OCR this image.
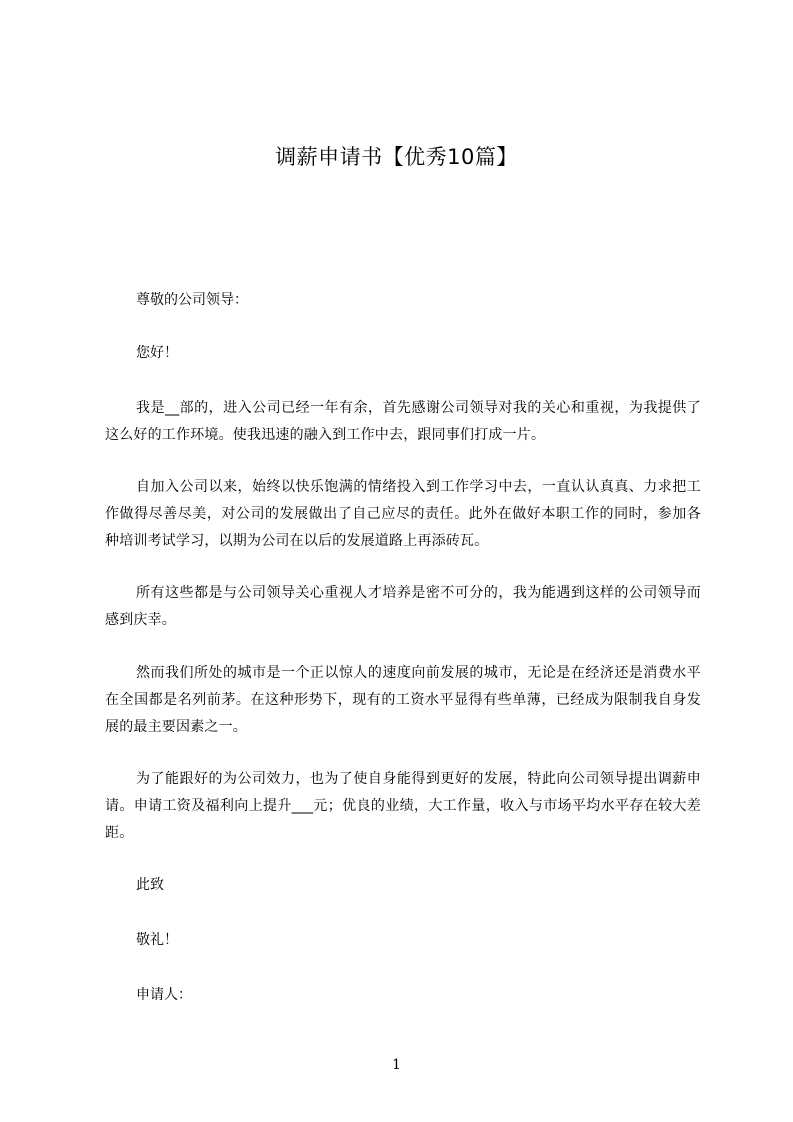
调薪申请书【优秀10篇】

尊敬的公司领导：

您好！

我是__部的，进入公司已经一年有余，首先感谢公司领导对我的关心和重视，为我提供了这么好的工作环境。使我迅速的融入到工作中去，跟同事们打成一片。

自加入公司以来，始终以快乐饱满的情绪投入到工作学习中去，一直认认真真、力求把工作做得尽善尽美，对公司的发展做出了自己应尽的责任。此外在做好本职工作的同时，参加各种培训考试学习，以期为公司在以后的发展道路上再添砖瓦。

所有这些都是与公司领导关心重视人才培养是密不可分的，我为能遇到这样的公司领导而感到庆幸。

然而我们所处的城市是一个正以惊人的速度向前发展的城市，无论是在经济还是消费水平在全国都是名列前茅。在这种形势下，现有的工资水平显得有些单薄，已经成为限制我自身发展的最主要因素之一。

为了能跟好的为公司效力，也为了使自身能得到更好的发展，特此向公司领导提出调薪申请。申请工资及福利向上提升___元；优良的业绩，大工作量，收入与市场平均水平存在较大差距。

此致

敬礼！

申请人：

1
